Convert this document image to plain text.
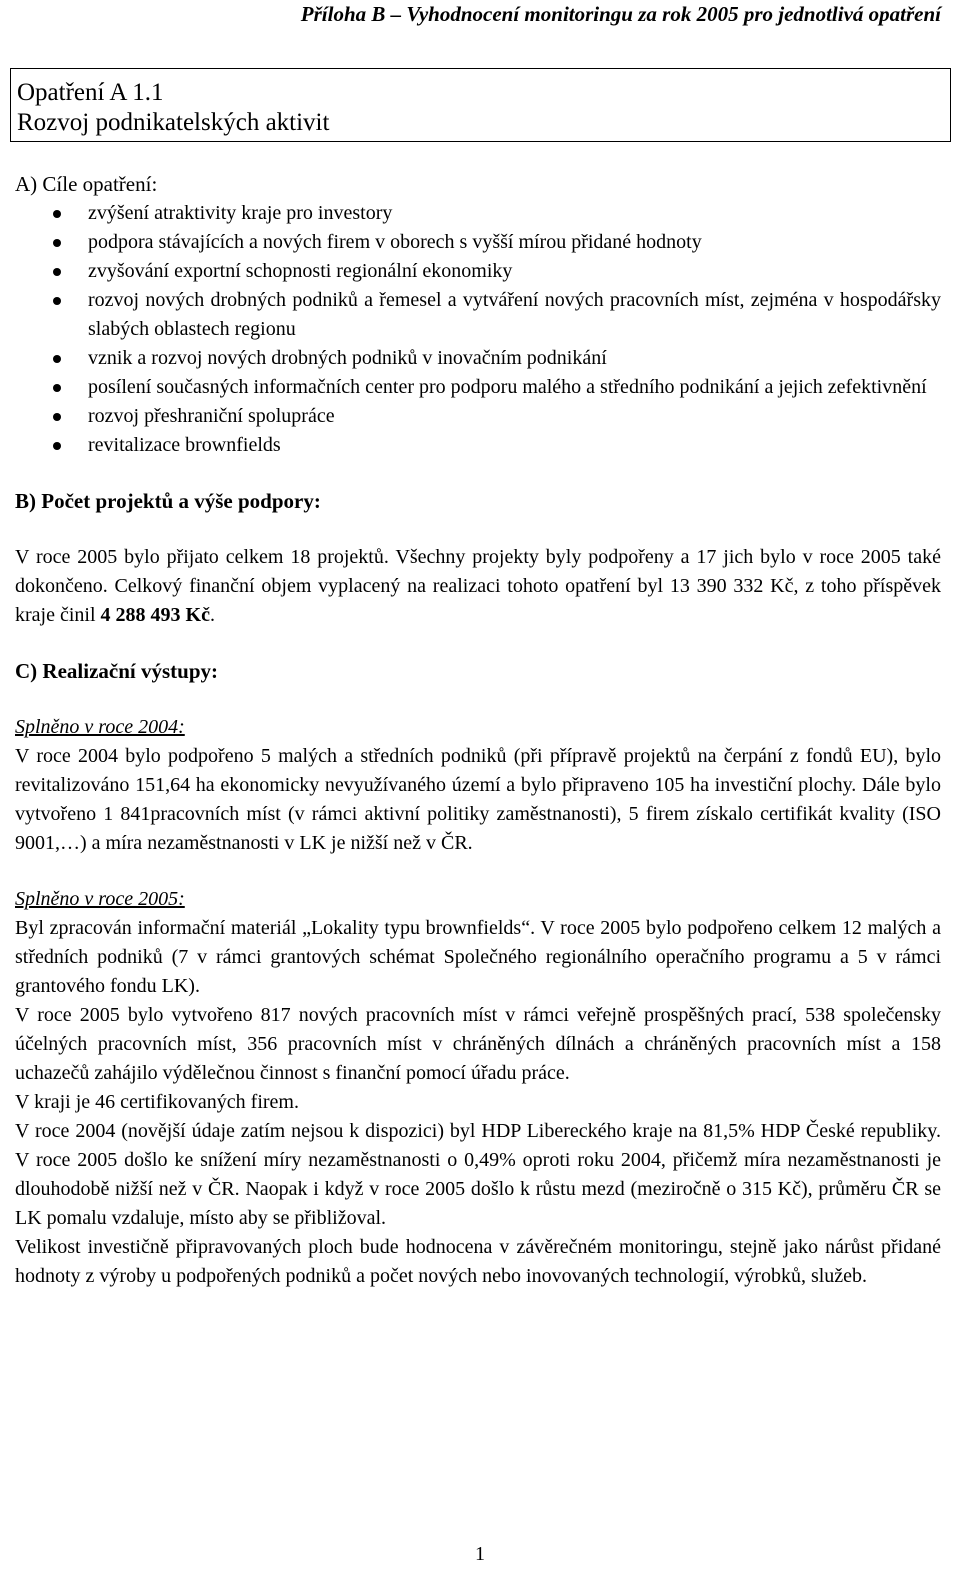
Příloha B – Vyhodnocení monitoringu za rok 2005 pro jednotlivá opatření
Opatření A 1.1
Rozvoj podnikatelských aktivit
A) Cíle opatření:
zvýšení atraktivity kraje pro investory
podpora stávajících a nových firem v oborech s vyšší mírou přidané hodnoty
zvyšování exportní schopnosti regionální ekonomiky
rozvoj nových drobných podniků a řemesel a vytváření nových pracovních míst, zejména v hospodářsky slabých oblastech regionu
vznik a rozvoj nových drobných podniků v inovačním podnikání
posílení současných informačních center pro podporu malého a středního podnikání a jejich zefektivnění
rozvoj přeshraniční spolupráce
revitalizace brownfields
B) Počet projektů a výše podpory:

V roce 2005 bylo přijato celkem 18 projektů. Všechny projekty byly podpořeny a 17 jich bylo v roce 2005 také dokončeno. Celkový finanční objem vyplacený na realizaci tohoto opatření byl 13 390 332 Kč, z toho příspěvek kraje činil 4 288 493 Kč.

C) Realizační výstupy:
Splněno v roce 2004:

V roce 2004 bylo podpořeno 5 malých a středních podniků (při přípravě projektů na čerpání z fondů EU), bylo revitalizováno 151,64 ha ekonomicky nevyužívaného území a bylo připraveno 105 ha investiční plochy. Dále bylo vytvořeno 1 841pracovních míst (v rámci aktivní politiky zaměstnanosti), 5 firem získalo certifikát kvality (ISO 9001,…) a míra nezaměstnanosti v LK je nižší než v ČR.

Splněno v roce 2005:

Byl zpracován informační materiál „Lokality typu brownfields“. V roce 2005 bylo podpořeno celkem 12 malých a středních podniků (7 v rámci grantových schémat Společného regionálního operačního programu a 5 v rámci grantového fondu LK).

V roce 2005 bylo vytvořeno 817 nových pracovních míst v rámci veřejně prospěšných prací, 538 společensky účelných pracovních míst, 356 pracovních míst v chráněných dílnách a chráněných pracovních míst a 158 uchazečů zahájilo výdělečnou činnost s finanční pomocí úřadu práce.

V kraji je 46 certifikovaných firem.

V roce 2004 (novější údaje zatím nejsou k dispozici) byl HDP Libereckého kraje na 81,5% HDP České republiky. V roce 2005 došlo ke snížení míry nezaměstnanosti o 0,49% oproti roku 2004, přičemž míra nezaměstnanosti je dlouhodobě nižší než v ČR. Naopak i když v roce 2005 došlo k růstu mezd (meziročně o 315 Kč), průměru ČR se LK pomalu vzdaluje, místo aby se přibližoval.

Velikost investičně připravovaných ploch bude hodnocena v závěrečném monitoringu, stejně jako nárůst přidané hodnoty z výroby u podpořených podniků a počet nových nebo inovovaných technologií, výrobků, služeb.

1
